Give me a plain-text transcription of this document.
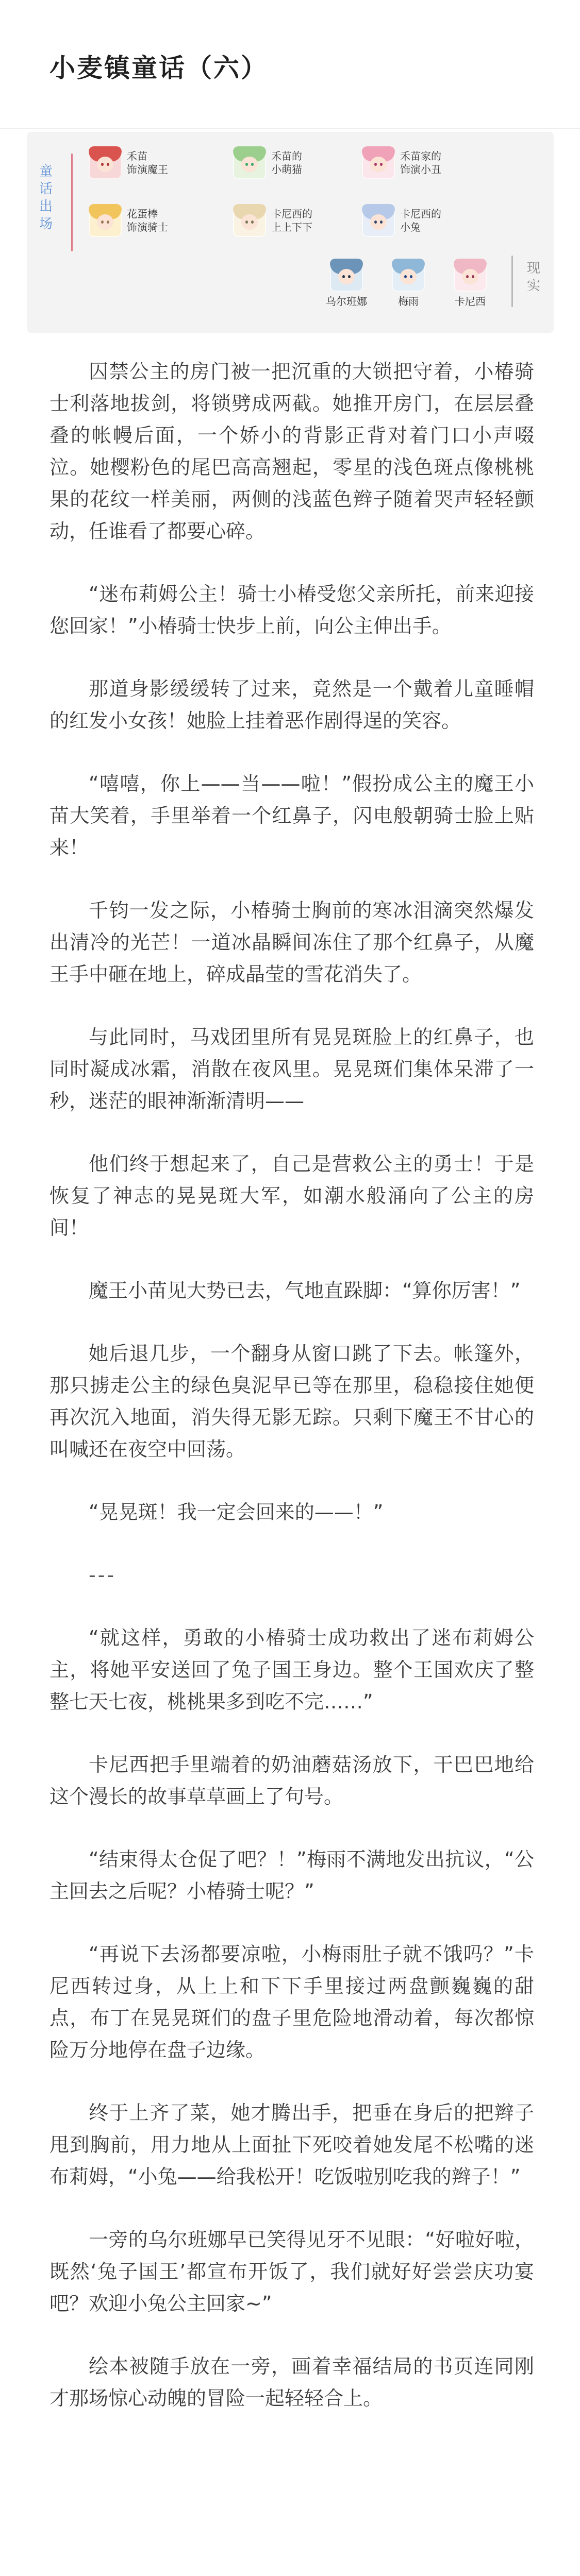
小麦镇童话（六）
童话出场
禾苗
饰演魔王
禾苗的
小萌猫
禾苗家的
饰演小丑
花蛋棒
饰演骑士
卡尼西的
上上下下
卡尼西的
小兔
乌尔班娜	梅雨	卡尼西
现实

囚禁公主的房门被一把沉重的大锁把守着，小椿骑士利落地拔剑，将锁劈成两截。她推开房门，在层层叠叠的帐幔后面，一个娇小的背影正背对着门口小声啜泣。她樱粉色的尾巴高高翘起，零星的浅色斑点像桃桃果的花纹一样美丽，两侧的浅蓝色辫子随着哭声轻轻颤动，任谁看了都要心碎。

“迷布莉姆公主！骑士小椿受您父亲所托，前来迎接您回家！”小椿骑士快步上前，向公主伸出手。

那道身影缓缓转了过来，竟然是一个戴着儿童睡帽的红发小女孩！她脸上挂着恶作剧得逞的笑容。

“嘻嘻，你上——当——啦！”假扮成公主的魔王小苗大笑着，手里举着一个红鼻子，闪电般朝骑士脸上贴来！

千钧一发之际，小椿骑士胸前的寒冰泪滴突然爆发出清冷的光芒！一道冰晶瞬间冻住了那个红鼻子，从魔王手中砸在地上，碎成晶莹的雪花消失了。

与此同时，马戏团里所有晃晃斑脸上的红鼻子，也同时凝成冰霜，消散在夜风里。晃晃斑们集体呆滞了一秒，迷茫的眼神渐渐清明——

他们终于想起来了，自己是营救公主的勇士！于是恢复了神志的晃晃斑大军，如潮水般涌向了公主的房间！

魔王小苗见大势已去，气地直跺脚：“算你厉害！”

她后退几步，一个翻身从窗口跳了下去。帐篷外，那只掳走公主的绿色臭泥早已等在那里，稳稳接住她便再次沉入地面，消失得无影无踪。只剩下魔王不甘心的叫喊还在夜空中回荡。

“晃晃斑！我一定会回来的——！”

---

“就这样，勇敢的小椿骑士成功救出了迷布莉姆公主，将她平安送回了兔子国王身边。整个王国欢庆了整整七天七夜，桃桃果多到吃不完……”

卡尼西把手里端着的奶油蘑菇汤放下，干巴巴地给这个漫长的故事草草画上了句号。

“结束得太仓促了吧？！”梅雨不满地发出抗议，“公主回去之后呢？小椿骑士呢？”

“再说下去汤都要凉啦，小梅雨肚子就不饿吗？”卡尼西转过身，从上上和下下手里接过两盘颤巍巍的甜点，布丁在晃晃斑们的盘子里危险地滑动着，每次都惊险万分地停在盘子边缘。

终于上齐了菜，她才腾出手，把垂在身后的把辫子甩到胸前，用力地从上面扯下死咬着她发尾不松嘴的迷布莉姆，“小兔——给我松开！吃饭啦别吃我的辫子！”

一旁的乌尔班娜早已笑得见牙不见眼：“好啦好啦，既然‘兔子国王’都宣布开饭了，我们就好好尝尝庆功宴吧？欢迎小兔公主回家~”

绘本被随手放在一旁，画着幸福结局的书页连同刚才那场惊心动魄的冒险一起轻轻合上。
